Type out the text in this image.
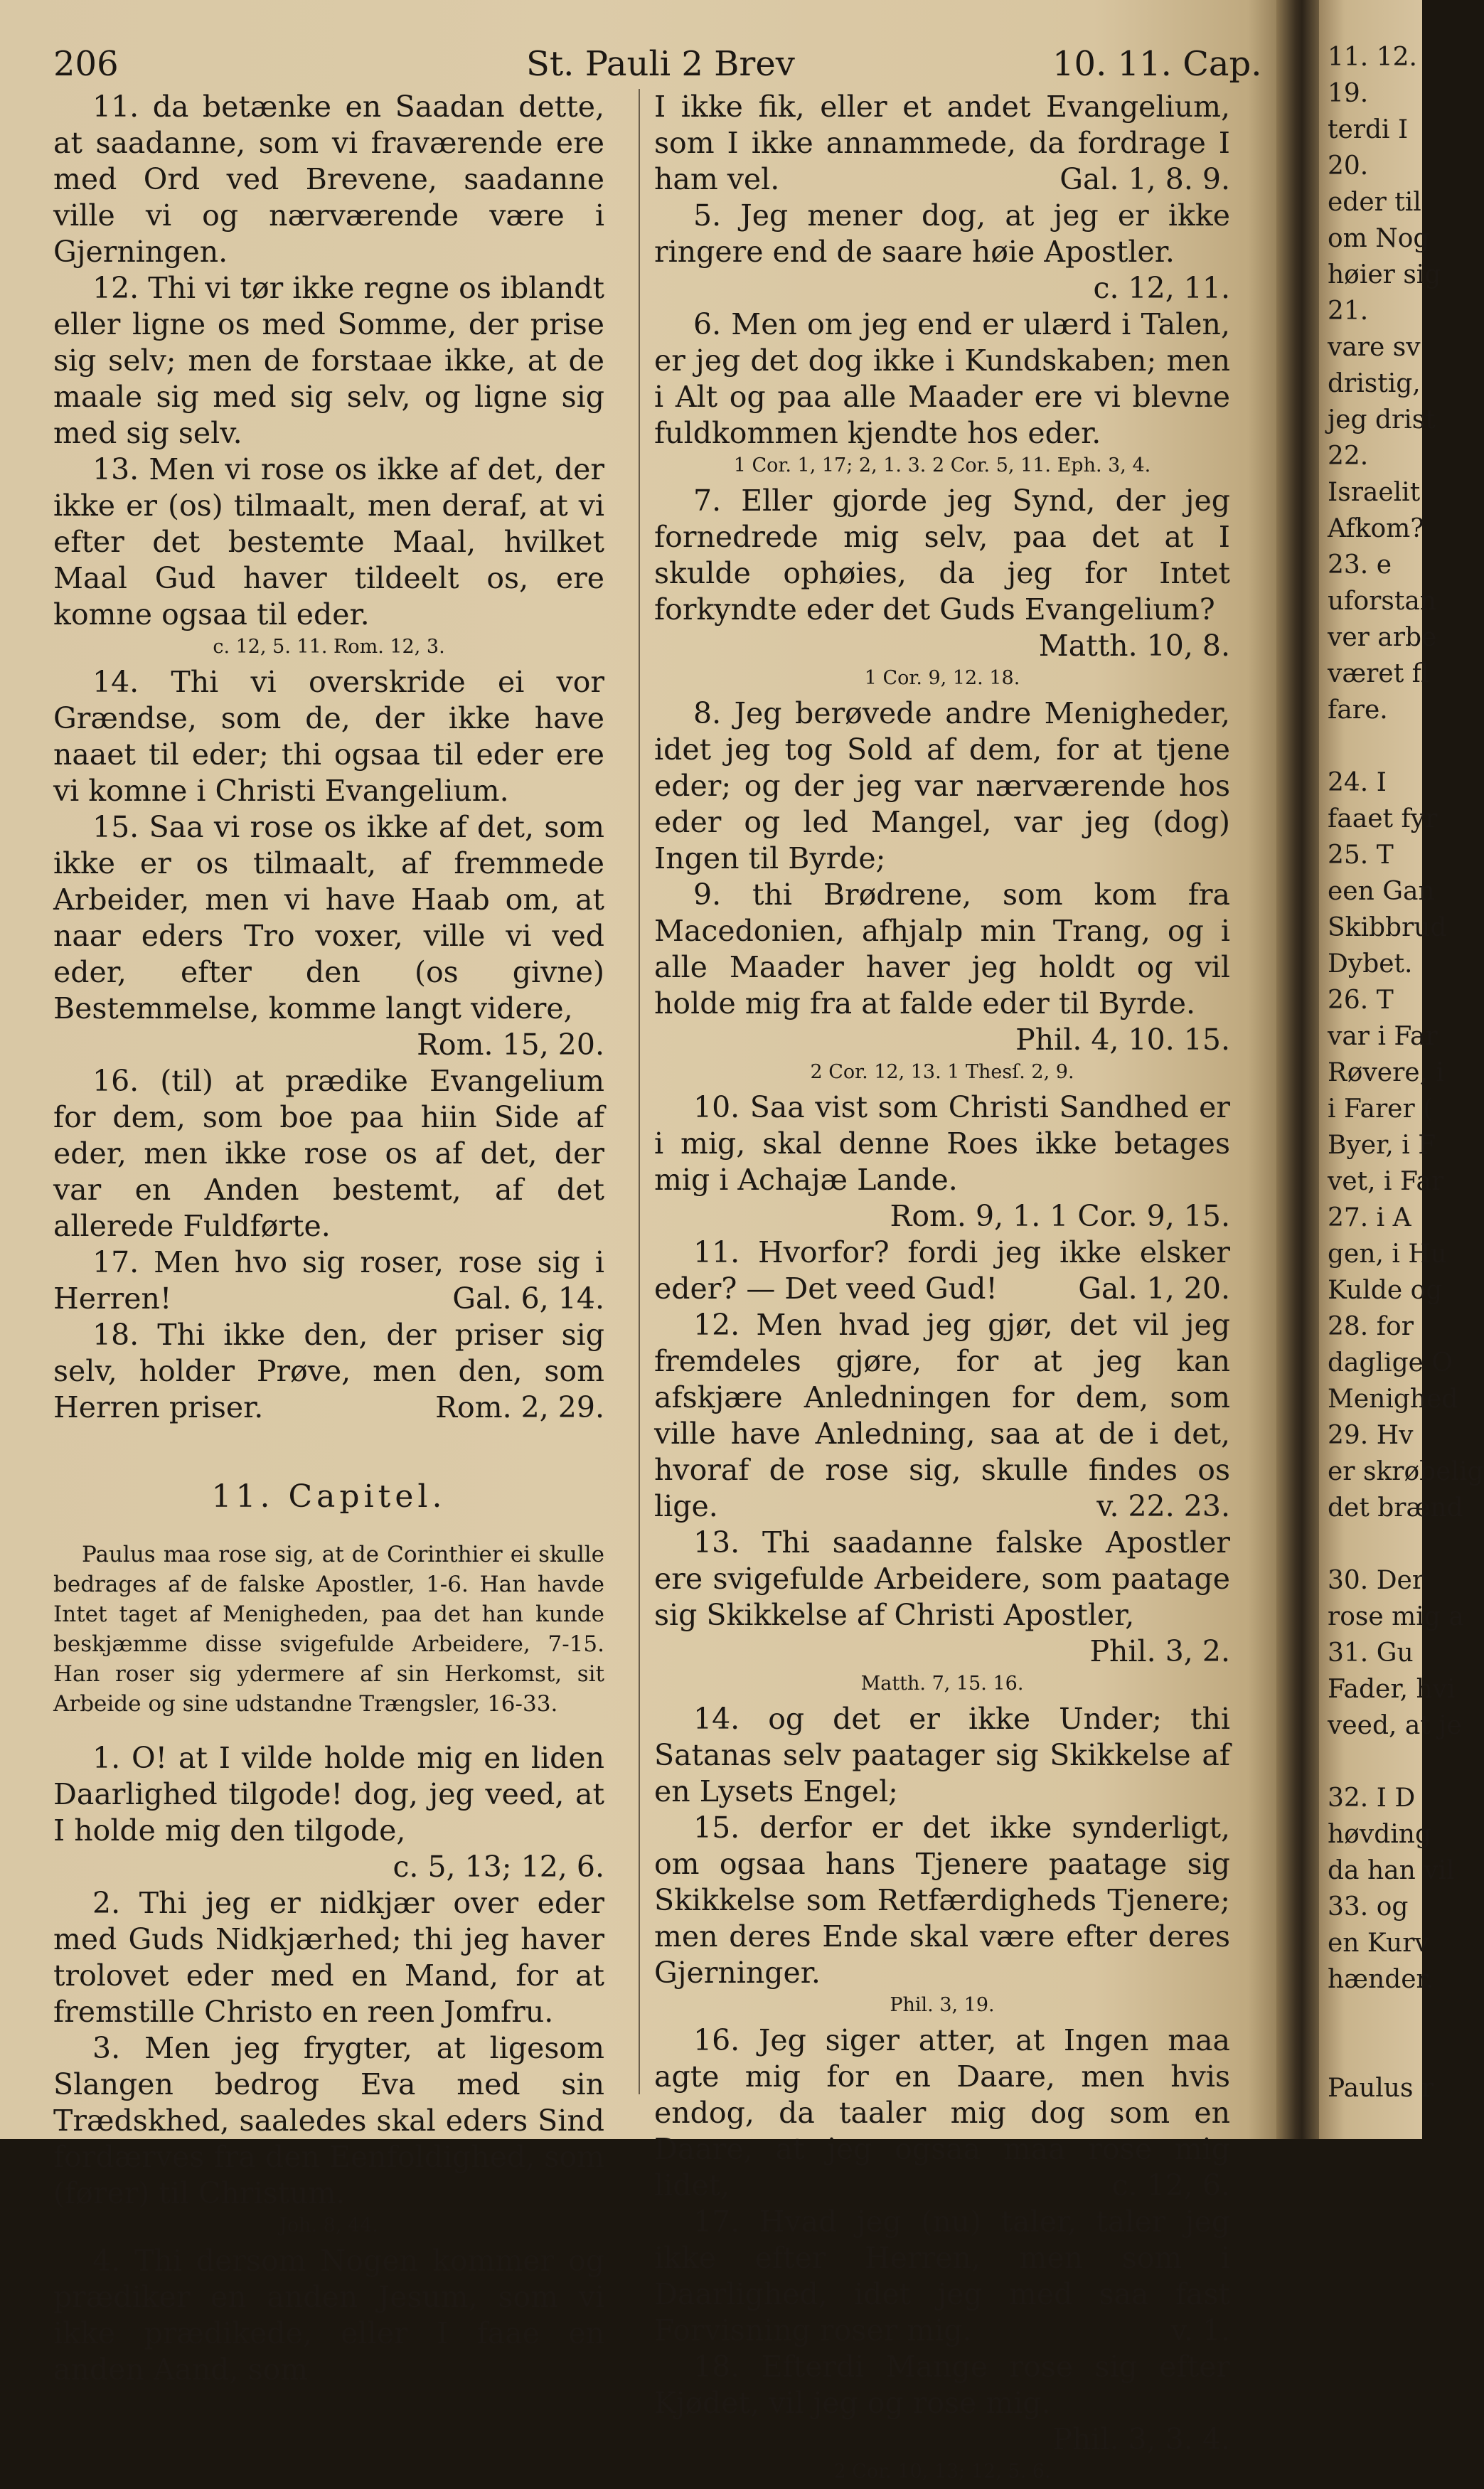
206	St. Pauli 2 Brev	10. 11. Cap.

11. da betænke en Saadan dette, at saadanne, som vi fraværende ere med Ord ved Brevene, saadanne ville vi og nærværende være i Gjerningen.

12. Thi vi tør ikke regne os iblandt eller ligne os med Somme, der prise sig selv; men de forstaae ikke, at de maale sig med sig selv, og ligne sig med sig selv.

13. Men vi rose os ikke af det, der ikke er (os) tilmaalt, men deraf, at vi efter det bestemte Maal, hvilket Maal Gud haver tildeelt os, ere komne ogsaa til eder.

c. 12, 5. 11. Rom. 12, 3.

14. Thi vi overskride ei vor Grændse, som de, der ikke have naaet til eder; thi ogsaa til eder ere vi komne i Christi Evangelium.

15. Saa vi rose os ikke af det, som ikke er os tilmaalt, af fremmede Arbeider, men vi have Haab om, at naar eders Tro voxer, ville vi ved eder, efter den (os givne) Bestemmelse, komme langt videre,
Rom. 15, 20.

16. (til) at prædike Evangelium for dem, som boe paa hiin Side af eder, men ikke rose os af det, der var en Anden bestemt, af det allerede Fuldførte.

17. Men hvo sig roser, rose sig i Herren!	Gal. 6, 14.

18. Thi ikke den, der priser sig selv, holder Prøve, men den, som Herren priser.	Rom. 2, 29.

11. Capitel.

Paulus maa rose sig, at de Corinthier ei skulle bedrages af de falske Apostler, 1-6. Han havde Intet taget af Menigheden, paa det han kunde beskjæmme disse svigefulde Arbeidere, 7-15. Han roser sig ydermere af sin Herkomst, sit Arbeide og sine udstandne Trængsler, 16-33.

1. O! at I vilde holde mig en liden Daarlighed tilgode! dog, jeg veed, at I holde mig den tilgode,
c. 5, 13; 12, 6.

2. Thi jeg er nidkjær over eder med Guds Nidkjærhed; thi jeg haver trolovet eder med en Mand, for at fremstille Christo en reen Jomfru.

3. Men jeg frygter, at ligesom Slangen bedrog Eva med sin Trædskhed, saaledes skal eders Sind fordærves fra den Eenfoldighed, som (fører) til Christum.

Joh. 8, 44.

4. Thi dersom Nogen kommer og prædiker en anden Jesum, som vi ikke prædikede, eller I faae en anden Aand, som

I ikke fik, eller et andet Evangelium, som I ikke annammede, da fordrage I ham vel.	Gal. 1, 8. 9.

5. Jeg mener dog, at jeg er ikke ringere end de saare høie Apostler.
c. 12, 11.

6. Men om jeg end er ulærd i Talen, er jeg det dog ikke i Kundskaben; men i Alt og paa alle Maader ere vi blevne fuldkommen kjendte hos eder.

1 Cor. 1, 17; 2, 1. 3. 2 Cor. 5, 11. Eph. 3, 4.

7. Eller gjorde jeg Synd, der jeg fornedrede mig selv, paa det at I skulde ophøies, da jeg for Intet forkyndte eder det Guds Evangelium?
Matth. 10, 8.

1 Cor. 9, 12. 18.

8. Jeg berøvede andre Menigheder, idet jeg tog Sold af dem, for at tjene eder; og der jeg var nærværende hos eder og led Mangel, var jeg (dog) Ingen til Byrde;

9. thi Brødrene, som kom fra Macedonien, afhjalp min Trang, og i alle Maader haver jeg holdt og vil holde mig fra at falde eder til Byrde.
Phil. 4, 10. 15.

2 Cor. 12, 13. 1 Thesſ. 2, 9.

10. Saa vist som Christi Sandhed er i mig, skal denne Roes ikke betages mig i Achajæ Lande.
Rom. 9, 1. 1 Cor. 9, 15.

11. Hvorfor? fordi jeg ikke elsker eder? — Det veed Gud!	Gal. 1, 20.

12. Men hvad jeg gjør, det vil jeg fremdeles gjøre, for at jeg kan afskjære Anledningen for dem, som ville have Anledning, saa at de i det, hvoraf de rose sig, skulle findes os lige.	v. 22. 23.

13. Thi saadanne falske Apostler ere svigefulde Arbeidere, som paatage sig Skikkelse af Christi Apostler,
Phil. 3, 2.

Matth. 7, 15. 16.

14. og det er ikke Under; thi Satanas selv paatager sig Skikkelse af en Lysets Engel;

15. derfor er det ikke synderligt, om ogsaa hans Tjenere paatage sig Skikkelse som Retfærdigheds Tjenere; men deres Ende skal være efter deres Gjerninger.

Phil. 3, 19.

16. Jeg siger atter, at Ingen maa agte mig for en Daare, men hvis endog, da taaler mig dog som en Daare, at jeg ogsaa maa rose mig lidet,	c. 12, 6.

17. Hvad jeg (nu) taler, taler jeg ikke efter Herren, men som i Daarlighed, idet jeg med saa fast Forvisning roser mig.	v. 1.

18. Efterdi Mange rose sig efter Kjødet, vil jeg og rose mig.
Phil. 3, 3. 4.

2 Cor. 10, 13; 12, 5. 6.

11. 12.

19.

terdi I

20.

eder til

om Nog

høier sig

21.

vare sv

dristig,

jeg drist

22.

Israelit

Afkom?

23. e

uforstan

ver arbe

været fl

fare.

24. I

faaet fyr

25. T

een Gan

Skibbrud

Dybet.

26. T

var i Far

Røvere, i

i Farer (

Byer, i F

vet, i Far

27. i A

gen, i Hu

Kulde og

28. for

daglige O

Menighed

29. Hv

er skrøbelig

det brænd

30. Der

rose mig a

31. Gu

Fader, hvi

veed, at je

32. I D

høvding

da han vil

33. og

en Kurv

hænder.

Paulus r
